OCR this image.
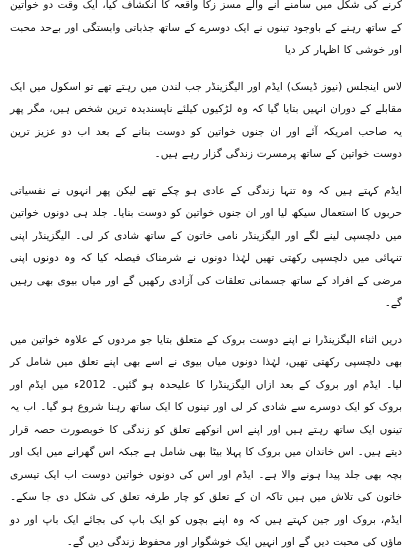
کرنے کی شکل میں سامنے آنے والے مسز زکا واقعہ کا انکشاف کیا، ایک وقت دو خواتین کے ساتھ رہنے کے باوجود تینوں نے ایک دوسرے کے ساتھ جذباتی وابستگی اور بےحد محبت اور خوشی کا اظہار کر دیا

لاس اینجلس (نیوز ڈیسک) ایڈم اور الیگزینڈر جب لندن میں رہتے تھے تو اسکول میں ایک مقابلے کے دوران انہیں بتایا گیا کہ وہ لڑکیوں کیلئے ناپسندیدہ ترین شخص ہیں، مگر پھر یہ صاحب امریکہ آئے اور ان جنوں خواتین کو دوست بنانے کے بعد اب دو عزیز ترین دوست خواتین کے ساتھ پرمسرت زندگی گزار رہے ہیں۔

ایڈم کہتے ہیں کہ وہ تنہا زندگی کے عادی ہو چکے تھے لیکن پھر انہوں نے نفسیاتی حربوں کا استعمال سیکھ لیا اور ان جنوں خواتین کو دوست بنایا۔ جلد ہی دونوں خواتین میں دلچسپی لینے لگے اور الیگزینڈر نامی خاتون کے ساتھ شادی کر لی۔ الیگزینڈر اپنی تنہائی میں دلچسپی رکھتی تھیں لہٰذا دونوں نے شرمناک فیصلہ کیا کہ وہ دونوں اپنی مرضی کے افراد کے ساتھ جسمانی تعلقات کی آزادی رکھیں گے اور میاں بیوی بھی رہیں گے۔

دریں اثناء الیگزینڈرا نے اپنے دوست بروک کے متعلق بتایا جو مردوں کے علاوہ خواتین میں بھی دلچسپی رکھتی تھیں، لہٰذا دونوں میاں بیوی نے اسے بھی اپنے تعلق میں شامل کر لیا۔ ایڈم اور بروک کے بعد ازاں الیگزینڈرا کا علیحدہ ہو گئیں۔ 2012ء میں ایڈم اور بروک کو ایک دوسرے سے شادی کر لی اور تینوں کا ایک ساتھ رہنا شروع ہو گیا۔ اب یہ تینوں ایک ساتھ رہتے ہیں اور اپنے اس انوکھے تعلق کو زندگی کا خوبصورت حصہ قرار دیتے ہیں۔ اس خاندان میں بروک کا پہلا بیٹا بھی شامل ہے جبکہ اس گھرانے میں ایک اور بچہ بھی جلد پیدا ہونے والا ہے۔ ایڈم اور اس کی دونوں خواتین دوست اب ایک تیسری خاتون کی تلاش میں ہیں تاکہ ان کے تعلق کو چار طرفہ تعلق کی شکل دی جا سکے۔ ایڈم، بروک اور جین کہتے ہیں کہ وہ اپنے بچوں کو ایک باپ کی بجائے ایک باپ اور دو ماؤں کی محبت دیں گے اور انہیں ایک خوشگوار اور محفوظ زندگی دیں گے۔
